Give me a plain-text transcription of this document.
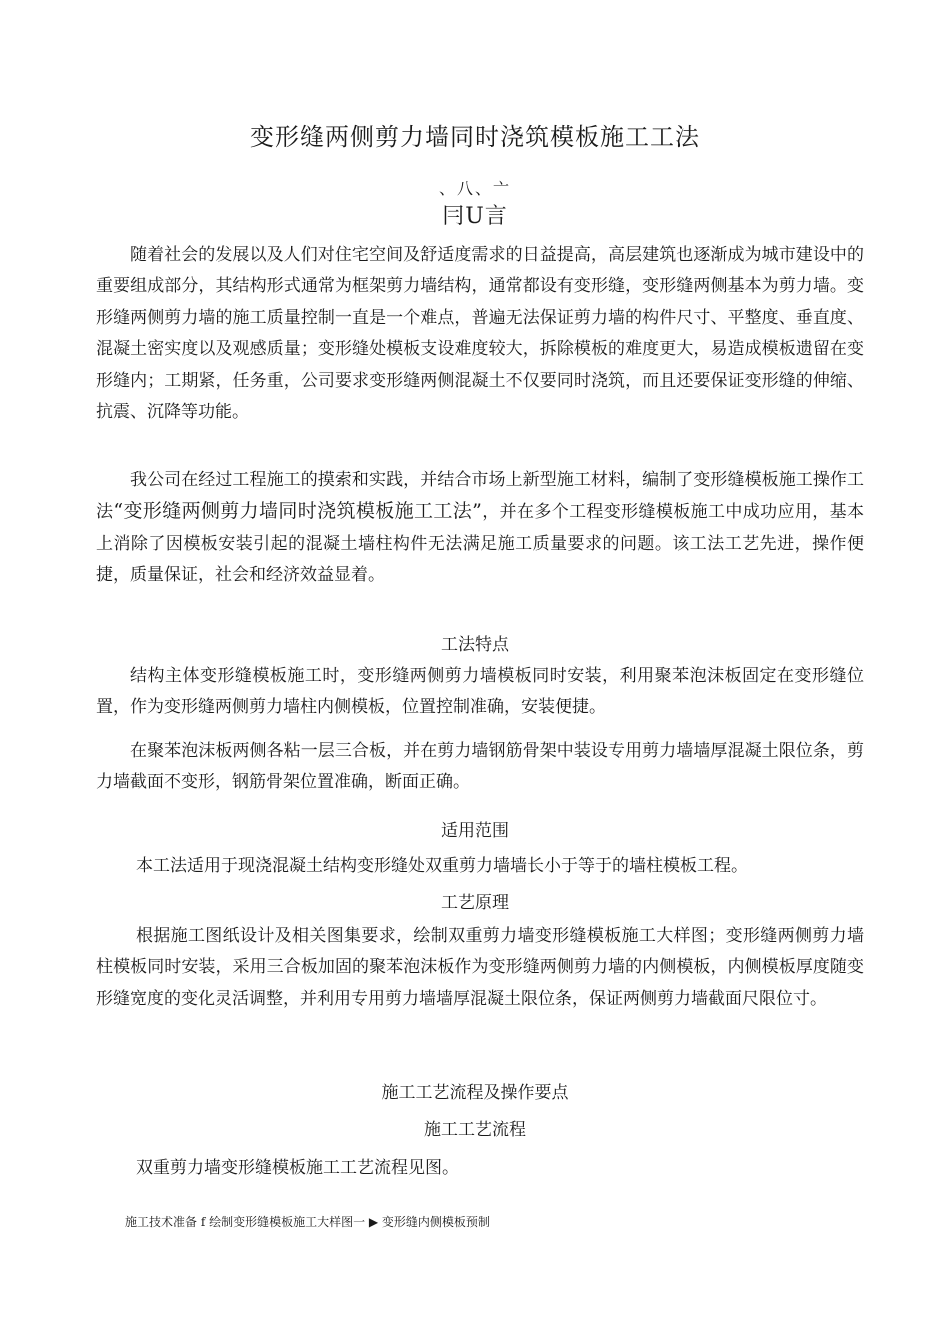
变形缝两侧剪力墙同时浇筑模板施工工法
、八、亠
冃U言

随着社会的发展以及人们对住宅空间及舒适度需求的日益提高，高层建筑也逐渐成为城市建设中的重要组成部分，其结构形式通常为框架剪力墙结构，通常都设有变形缝，变形缝两侧基本为剪力墙。变形缝两侧剪力墙的施工质量控制一直是一个难点，普遍无法保证剪力墙的构件尺寸、平整度、垂直度、混凝土密实度以及观感质量；变形缝处模板支设难度较大，拆除模板的难度更大，易造成模板遗留在变形缝内；工期紧，任务重，公司要求变形缝两侧混凝土不仅要同时浇筑，而且还要保证变形缝的伸缩、抗震、沉降等功能。

我公司在经过工程施工的摸索和实践，并结合市场上新型施工材料，编制了变形缝模板施工操作工法“变形缝两侧剪力墙同时浇筑模板施工工法”，并在多个工程变形缝模板施工中成功应用，基本上消除了因模板安装引起的混凝土墙柱构件无法满足施工质量要求的问题。该工法工艺先进，操作便捷，质量保证，社会和经济效益显着。

工法特点

结构主体变形缝模板施工时，变形缝两侧剪力墙模板同时安装，利用聚苯泡沫板固定在变形缝位置，作为变形缝两侧剪力墙柱内侧模板，位置控制准确，安装便捷。

在聚苯泡沫板两侧各粘一层三合板，并在剪力墙钢筋骨架中装设专用剪力墙墙厚混凝土限位条，剪力墙截面不变形，钢筋骨架位置准确，断面正确。

适用范围

本工法适用于现浇混凝土结构变形缝处双重剪力墙墙长小于等于的墙柱模板工程。

工艺原理

根据施工图纸设计及相关图集要求，绘制双重剪力墙变形缝模板施工大样图；变形缝两侧剪力墙柱模板同时安装，采用三合板加固的聚苯泡沫板作为变形缝两侧剪力墙的内侧模板，内侧模板厚度随变形缝宽度的变化灵活调整，并利用专用剪力墙墙厚混凝土限位条，保证两侧剪力墙截面尺限位寸。

施工工艺流程及操作要点
施工工艺流程

双重剪力墙变形缝模板施工工艺流程见图。

施工技术准备 f 绘制变形缝模板施工大样图一 ▶ 变形缝内侧模板预制
